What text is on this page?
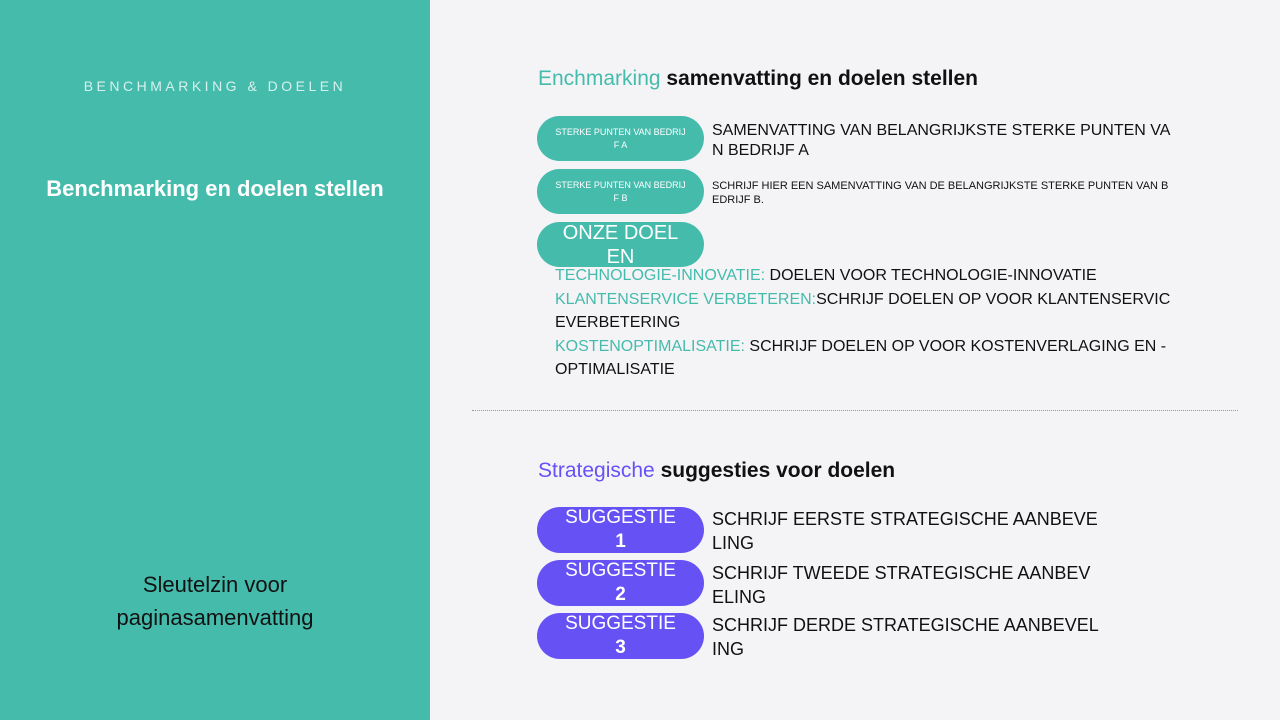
BENCHMARKING & DOELEN
Benchmarking en doelen stellen
Sleutelzin voor paginasamenvatting
Enchmarking samenvatting en doelen stellen
STERKE PUNTEN VAN BEDRIJF A
SAMENVATTING VAN BELANGRIJKSTE STERKE PUNTEN VAN BEDRIJF A
STERKE PUNTEN VAN BEDRIJF B
SCHRIJF HIER EEN SAMENVATTING VAN DE BELANGRIJKSTE STERKE PUNTEN VAN BEDRIJF B.
ONZE DOELEN
TECHNOLOGIE-INNOVATIE: DOELEN VOOR TECHNOLOGIE-INNOVATIE
KLANTENSERVICE VERBETEREN:SCHRIJF DOELEN OP VOOR KLANTENSERVICEVERBETERING
KOSTENOPTIMALISATIE: SCHRIJF DOELEN OP VOOR KOSTENVERLAGING EN -OPTIMALISATIE
Strategische suggesties voor doelen
SUGGESTIE 1
SCHRIJF EERSTE STRATEGISCHE AANBEVELING
SUGGESTIE 2
SCHRIJF TWEEDE STRATEGISCHE AANBEVELING
SUGGESTIE 3
SCHRIJF DERDE STRATEGISCHE AANBEVELING
